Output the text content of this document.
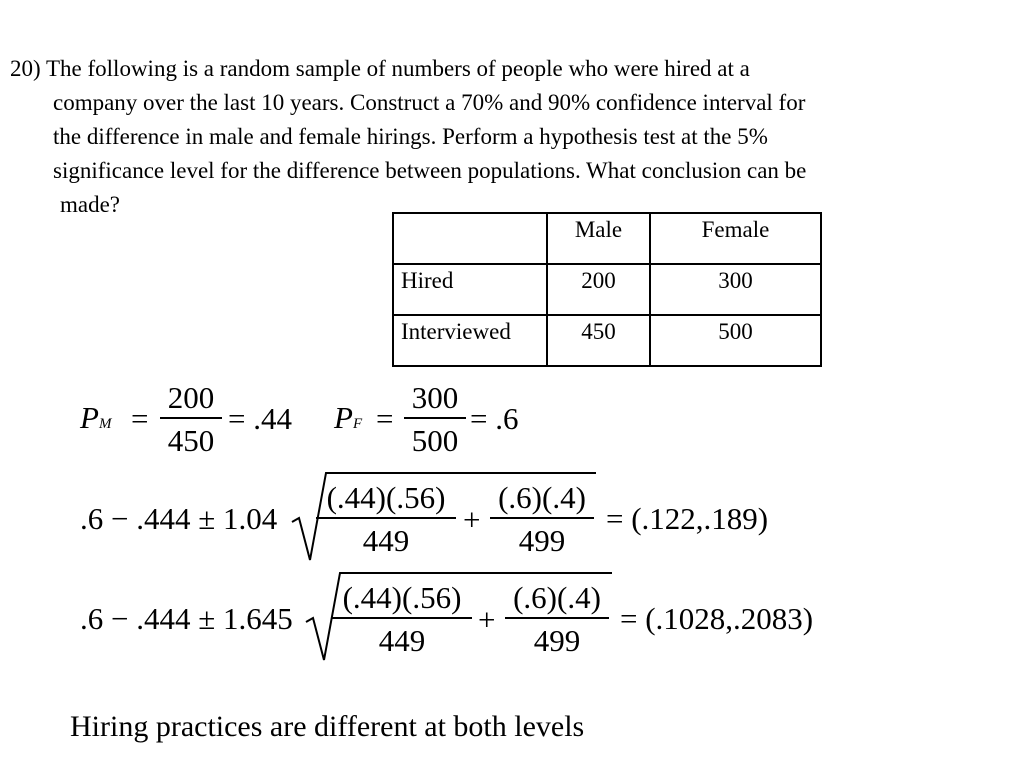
20) The following is a random sample of numbers of people who were hired at a
company over the last 10 years. Construct a 70% and 90% confidence interval for
the difference in male and female hirings. Perform a hypothesis test at the 5%
significance level for the difference between populations. What conclusion can be
made?
	Male	Female
Hired	200	300
Interviewed	450	500
PM =
200
450
= .44 PF =
300
500
= .6
.6 − .444 ± 1.04
(.44)(.56)
449
+
(.6)(.4)
499
= (.122,.189)
.6 − .444 ± 1.645
(.44)(.56)
449
+
(.6)(.4)
499
= (.1028,.2083)
Hiring practices are different at both levels
